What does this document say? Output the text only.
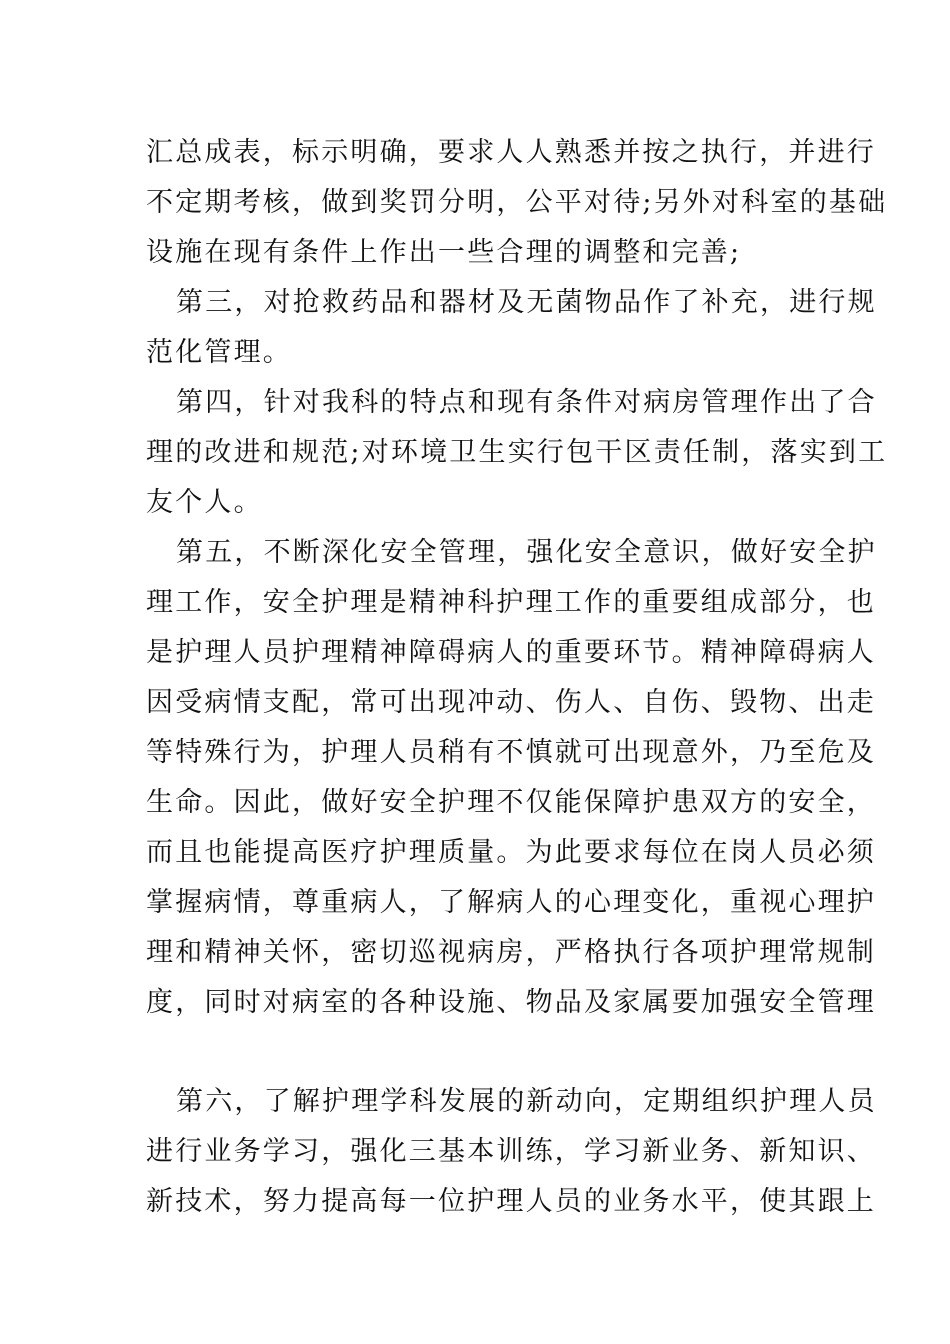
汇总成表，标示明确，要求人人熟悉并按之执行，并进行
不定期考核，做到奖罚分明，公平对待;另外对科室的基础
设施在现有条件上作出一些合理的调整和完善;
第三，对抢救药品和器材及无菌物品作了补充，进行规
范化管理。
第四，针对我科的特点和现有条件对病房管理作出了合
理的改进和规范;对环境卫生实行包干区责任制，落实到工
友个人。
第五，不断深化安全管理，强化安全意识，做好安全护
理工作，安全护理是精神科护理工作的重要组成部分，也
是护理人员护理精神障碍病人的重要环节。精神障碍病人
因受病情支配，常可出现冲动、伤人、自伤、毁物、出走
等特殊行为，护理人员稍有不慎就可出现意外，乃至危及
生命。因此，做好安全护理不仅能保障护患双方的安全，
而且也能提高医疗护理质量。为此要求每位在岗人员必须
掌握病情，尊重病人，了解病人的心理变化，重视心理护
理和精神关怀，密切巡视病房，严格执行各项护理常规制
度，同时对病室的各种设施、物品及家属要加强安全管理
第六，了解护理学科发展的新动向，定期组织护理人员
进行业务学习，强化三基本训练，学习新业务、新知识、
新技术，努力提高每一位护理人员的业务水平，使其跟上
